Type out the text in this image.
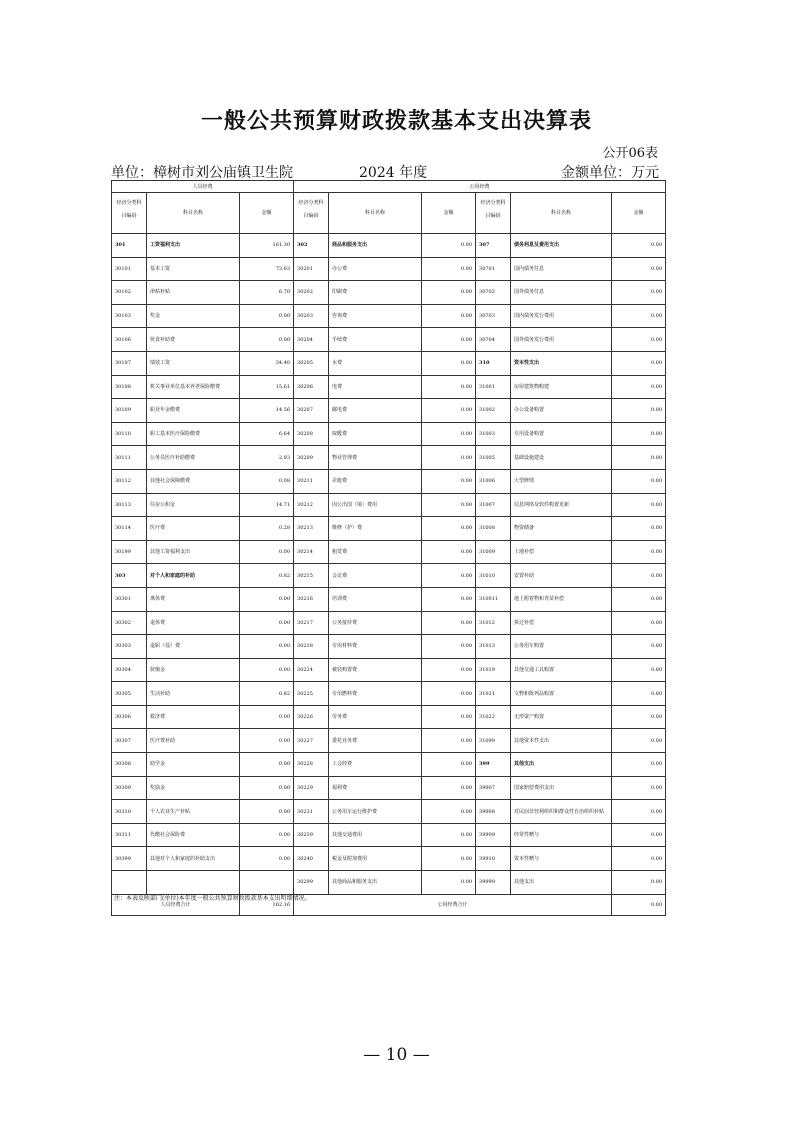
一般公共预算财政拨款基本支出决算表
公开06表
单位：樟树市刘公庙镇卫生院	2024 年度	金额单位：万元
人员经费			公用经费					
经济分类科
目编码	科目名称	金额	经济分类科
目编码	科目名称	金额	经济分类科
目编码	科目名称	金额
301	工资福利支出	161.30	302	商品和服务支出	0.00	307	债务利息及费用支出	0.00
30101	基本工资	73.83	30201	办公费	0.00	30701	国内债务付息	0.00
30102	津贴补贴	6.70	30202	印刷费	0.00	30702	国外债务付息	0.00
30103	奖金	0.00	30203	咨询费	0.00	30703	国内债务发行费用	0.00
30106	伙食补助费	0.00	30204	手续费	0.00	30704	国外债务发行费用	0.00
30107	绩效工资	34.40	30205	水费	0.00	310	资本性支出	0.00
30108	机关事业单位基本养老保险缴费	15.61	30206	电费	0.00	31001	房屋建筑物购建	0.00
30109	职业年金缴费	14.56	30207	邮电费	0.00	31002	办公设备购置	0.00
30110	职工基本医疗保险缴费	6.64	30208	取暖费	0.00	31003	专用设备购置	0.00
30111	公务员医疗补助缴费	2.93	30209	物业管理费	0.00	31005	基础设施建设	0.00
30112	其他社会保障缴费	0.08	30211	差旅费	0.00	31006	大型修缮	0.00
30113	住房公积金	14.71	30212	因公出国（境）费用	0.00	31007	信息网络及软件购置更新	0.00
30114	医疗费	0.28	30213	维修（护）费	0.00	31008	物资储备	0.00
30199	其他工资福利支出	0.00	30214	租赁费	0.00	31009	土地补偿	0.00
303	对个人和家庭的补助	0.82	30215	会议费	0.00	31010	安置补助	0.00
30301	离休费	0.00	30216	培训费	0.00	310011	地上附着物和青苗补偿	0.00
30302	退休费	0.00	30217	公务接待费	0.00	31012	拆迁补偿	0.00
30303	退职（役）费	0.00	30218	专用材料费	0.00	31013	公务用车购置	0.00
30304	抚恤金	0.00	30224	被装购置费	0.00	31019	其他交通工具购置	0.00
30305	生活补助	0.82	30225	专用燃料费	0.00	31021	文物和陈列品购置	0.00
30306	救济费	0.00	30226	劳务费	0.00	31022	无形资产购置	0.00
30307	医疗费补助	0.00	30227	委托业务费	0.00	31099	其他资本性支出	0.00
30308	助学金	0.00	30228	工会经费	0.00	399	其他支出	0.00
30309	奖励金	0.00	30229	福利费	0.00	39907	国家赔偿费用支出	0.00
30310	个人农业生产补贴	0.00	30231	公务用车运行维护费	0.00	39908	对民间非营利组织和群众性自治组织补贴	0.00
30311	代缴社会保险费	0.00	30239	其他交通费用	0.00	39909	经常性赠与	0.00
30399	其他对个人和家庭的补助支出	0.00	30240	税金及附加费用	0.00	39910	资本性赠与	0.00
			30299	其他商品和服务支出	0.00	39999	其他支出	0.00
人员经费合计		162.16	公用经费合计					0.00
注：本表反映部门(单位)本年度一般公共预算财政拨款基本支出明细情况。
— 10 —
